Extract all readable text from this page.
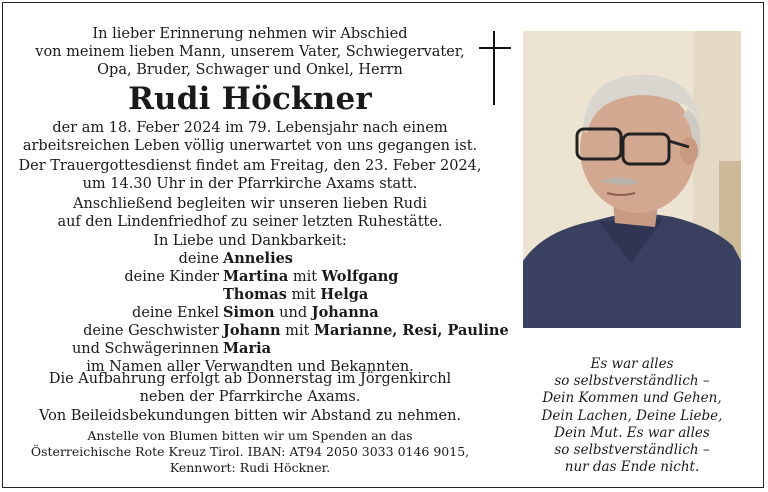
In lieber Erinnerung nehmen wir Abschied
von meinem lieben Mann, unserem Vater, Schwiegervater,
Opa, Bruder, Schwager und Onkel, Herrn
Rudi Höckner
der am 18. Feber 2024 im 79. Lebensjahr nach einem
arbeitsreichen Leben völlig unerwartet von uns gegangen ist.
Der Trauergottesdienst findet am Freitag, den 23. Feber 2024,
um 14.30 Uhr in der Pfarrkirche Axams statt.
Anschließend begleiten wir unseren lieben Rudi
auf den Lindenfriedhof zu seiner letzten Ruhestätte.
In Liebe und Dankbarkeit:
deine Annelies
deine Kinder Martina mit Wolfgang
Thomas mit Helga
deine Enkel Simon und Johanna
deine Geschwister Johann mit Marianne, Resi, Pauline
und Schwägerinnen Maria
im Namen aller Verwandten und Bekannten.
Die Aufbahrung erfolgt ab Donnerstag im Jörgenkirchl
neben der Pfarrkirche Axams.
Von Beileidsbekundungen bitten wir Abstand zu nehmen.
Anstelle von Blumen bitten wir um Spenden an das
Österreichische Rote Kreuz Tirol. IBAN: AT94 2050 3033 0146 9015,
Kennwort: Rudi Höckner.
Es war alles
so selbstverständlich –
Dein Kommen und Gehen,
Dein Lachen, Deine Liebe,
Dein Mut. Es war alles
so selbstverständlich –
nur das Ende nicht.
